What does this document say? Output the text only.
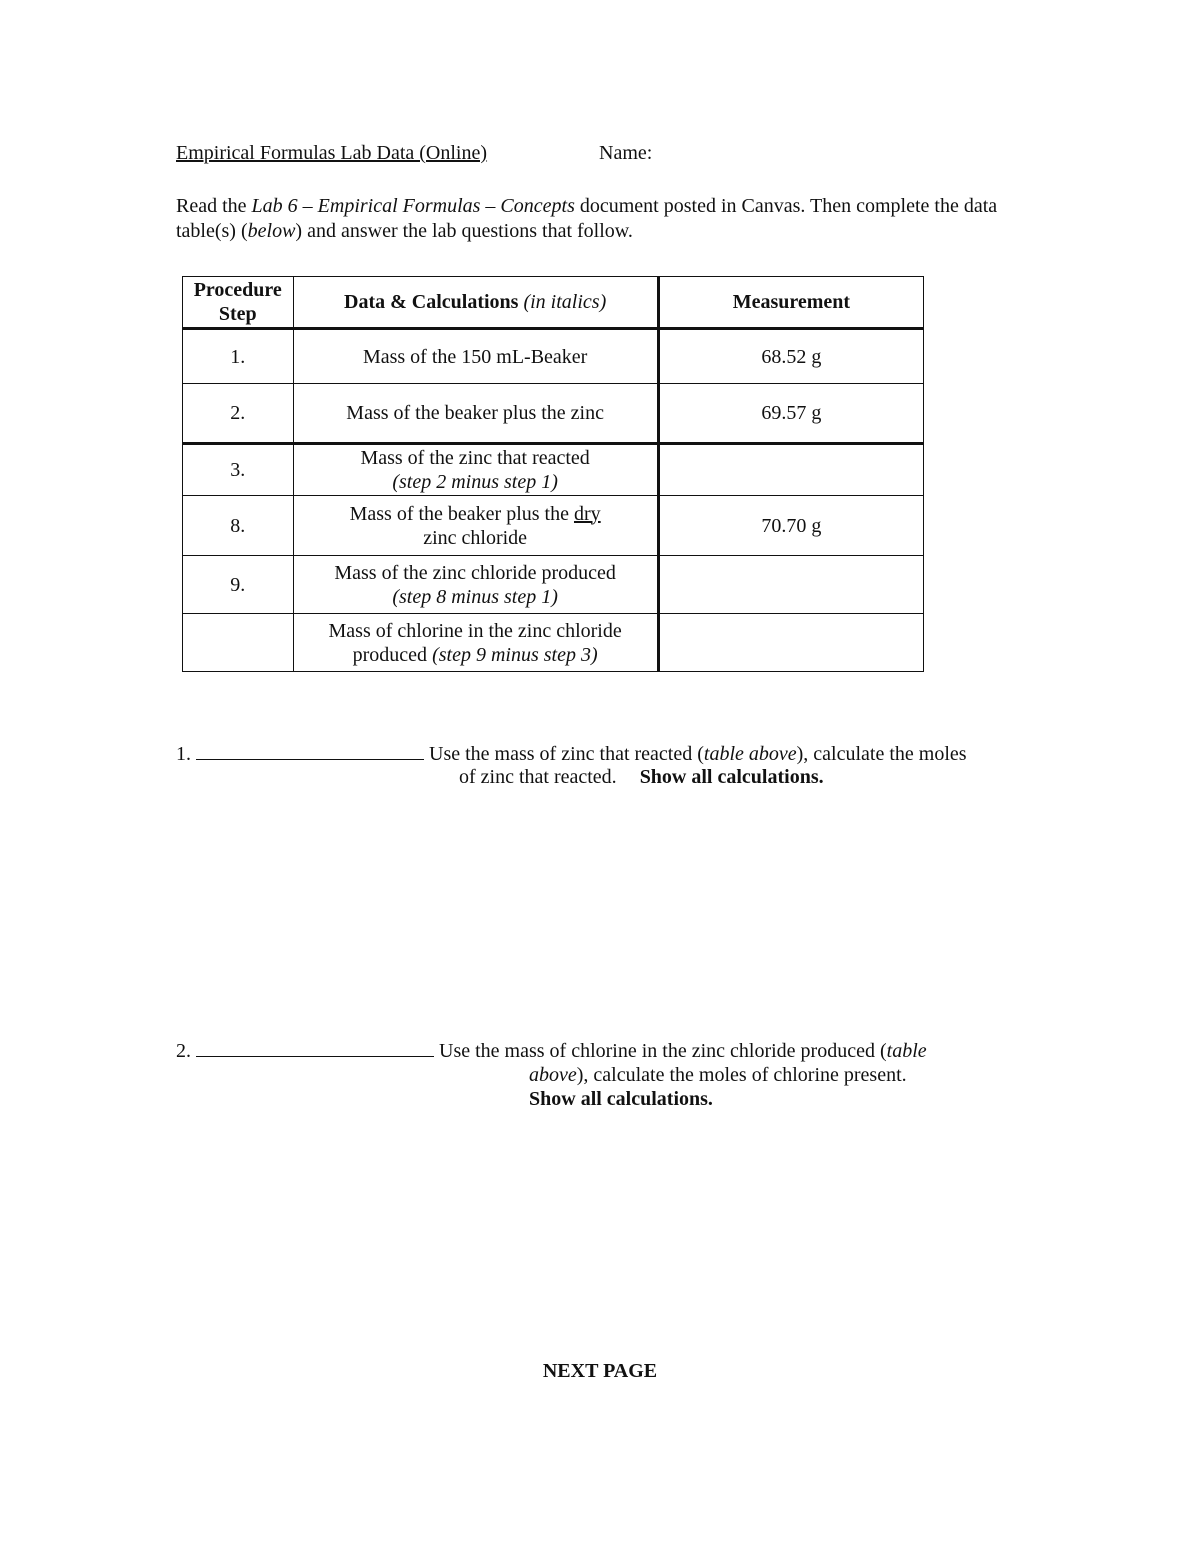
Empirical Formulas Lab Data (Online)	Name:
Read the Lab 6 – Empirical Formulas – Concepts document posted in Canvas. Then complete the data table(s) (below) and answer the lab questions that follow.
Procedure
Step	Data & Calculations (in italics)	Measurement
1.	Mass of the 150 mL-Beaker	68.52 g
2.	Mass of the beaker plus the zinc	69.57 g
3.	Mass of the zinc that reacted
(step 2 minus step 1)	
8.	Mass of the beaker plus the dry
zinc chloride	70.70 g
9.	Mass of the zinc chloride produced
(step 8 minus step 1)	
	Mass of chlorine in the zinc chloride
produced (step 9 minus step 3)	
1.	Use the mass of zinc that reacted (table above), calculate the moles
of zinc that reacted. Show all calculations.
2.	Use the mass of chlorine in the zinc chloride produced (table
above), calculate the moles of chlorine present.
Show all calculations.
NEXT PAGE
